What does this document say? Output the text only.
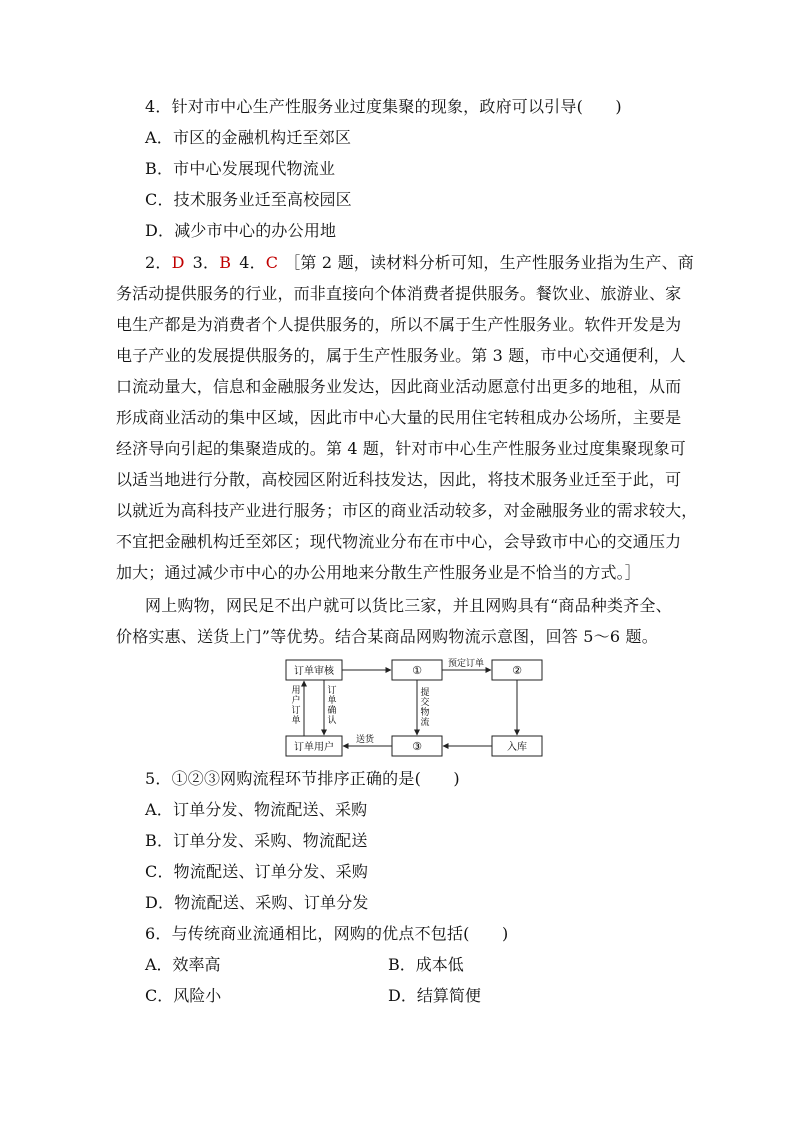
4．针对市中心生产性服务业过度集聚的现象，政府可以引导(　　)
A．市区的金融机构迁至郊区
B．市中心发展现代物流业
C．技术服务业迁至高校园区
D．减少市中心的办公用地
2．D 3．B 4．C ［第 2 题，读材料分析可知，生产性服务业指为生产、商
务活动提供服务的行业，而非直接向个体消费者提供服务。餐饮业、旅游业、家
电生产都是为消费者个人提供服务的，所以不属于生产性服务业。软件开发是为
电子产业的发展提供服务的，属于生产性服务业。第 3 题，市中心交通便利，人
口流动量大，信息和金融服务业发达，因此商业活动愿意付出更多的地租，从而
形成商业活动的集中区域，因此市中心大量的民用住宅转租成办公场所，主要是
经济导向引起的集聚造成的。第 4 题，针对市中心生产性服务业过度集聚现象可
以适当地进行分散，高校园区附近科技发达，因此，将技术服务业迁至于此，可
以就近为高科技产业进行服务；市区的商业活动较多，对金融服务业的需求较大，
不宜把金融机构迁至郊区；现代物流业分布在市中心，会导致市中心的交通压力
加大；通过减少市中心的办公用地来分散生产性服务业是不恰当的方式。］
网上购物，网民足不出户就可以货比三家，并且网购具有“商品种类齐全、
价格实惠、送货上门”等优势。结合某商品网购物流示意图，回答 5～6 题。
订单审核	①	②
订单用户	③	入库
预定订单
送货
用
户
订
单
订
单
确
认
提
交
物
流
5．①②③网购流程环节排序正确的是(　　)
A．订单分发、物流配送、采购
B．订单分发、采购、物流配送
C．物流配送、订单分发、采购
D．物流配送、采购、订单分发
6．与传统商业流通相比，网购的优点不包括(　　)
A．效率高	B．成本低
C．风险小	D．结算简便
